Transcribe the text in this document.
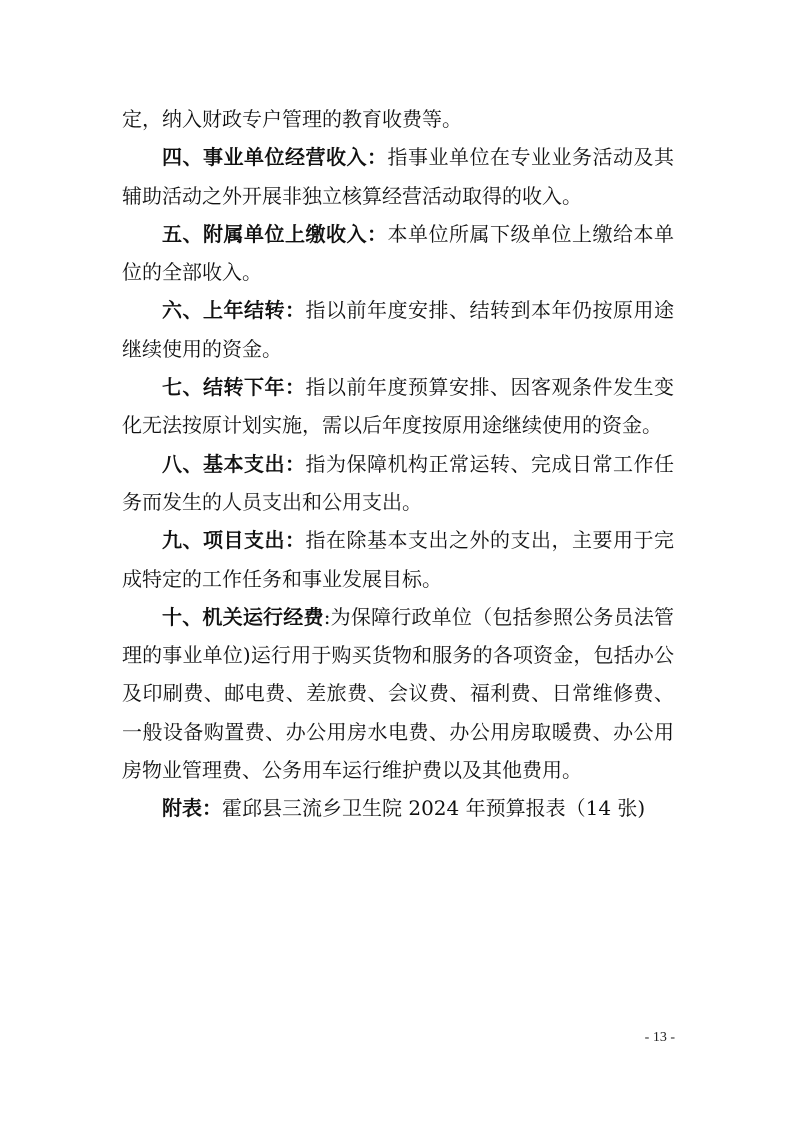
定，纳入财政专户管理的教育收费等。

四、事业单位经营收入：指事业单位在专业业务活动及其辅助活动之外开展非独立核算经营活动取得的收入。

五、附属单位上缴收入：本单位所属下级单位上缴给本单位的全部收入。

六、上年结转：指以前年度安排、结转到本年仍按原用途继续使用的资金。

七、结转下年：指以前年度预算安排、因客观条件发生变化无法按原计划实施，需以后年度按原用途继续使用的资金。

八、基本支出：指为保障机构正常运转、完成日常工作任务而发生的人员支出和公用支出。

九、项目支出：指在除基本支出之外的支出，主要用于完成特定的工作任务和事业发展目标。

十、机关运行经费:为保障行政单位（包括参照公务员法管理的事业单位)运行用于购买货物和服务的各项资金，包括办公及印刷费、邮电费、差旅费、会议费、福利费、日常维修费、一般设备购置费、办公用房水电费、办公用房取暖费、办公用房物业管理费、公务用车运行维护费以及其他费用。

附表：霍邱县三流乡卫生院 2024 年预算报表（14 张)

- 13 -
